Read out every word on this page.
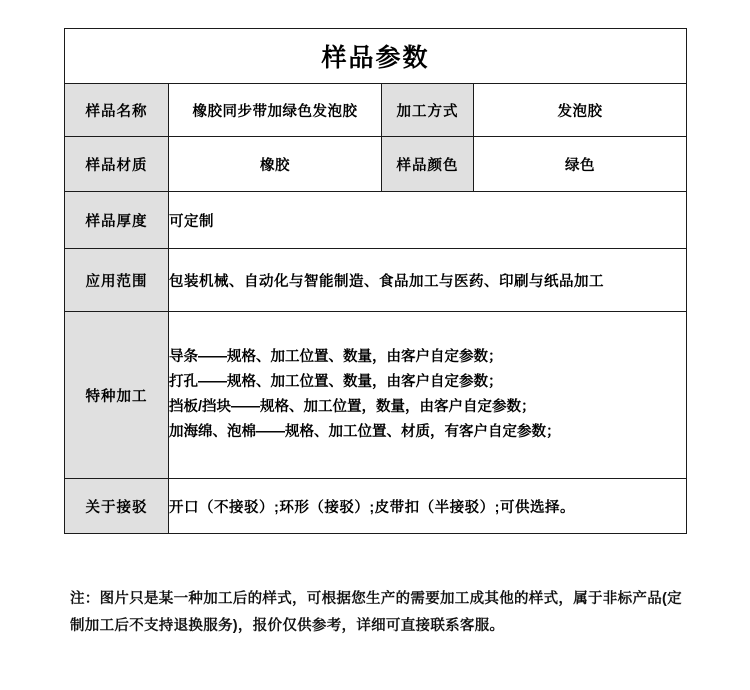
样品参数			
样品名称	橡胶同步带加绿色发泡胶	加工方式	发泡胶
样品材质	橡胶	样品颜色	绿色
样品厚度	可定制		
应用范围	包装机械、自动化与智能制造、食品加工与医药、印刷与纸品加工		
特种加工	导条——规格、加工位置、数量，由客户自定参数；
打孔——规格、加工位置、数量，由客户自定参数；
挡板/挡块——规格、加工位置，数量，由客户自定参数；
加海绵、泡棉——规格、加工位置、材质，有客户自定参数；		

关于接驳	开口（不接驳）;环形（接驳）;皮带扣（半接驳）;可供选择。		
注：图片只是某一种加工后的样式，可根据您生产的需要加工成其他的样式，属于非标产品(定制加工后不支持退换服务)，报价仅供参考，详细可直接联系客服。
